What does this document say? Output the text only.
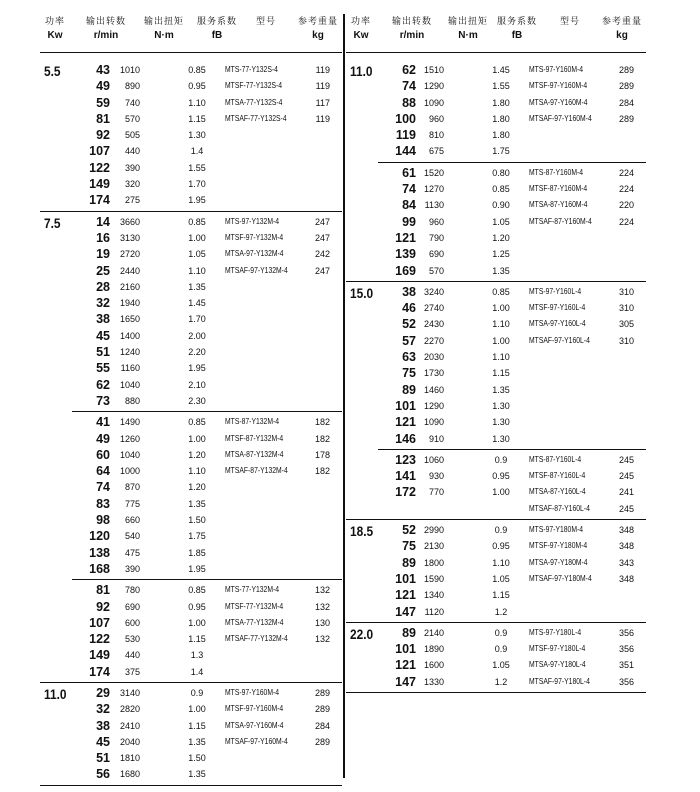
功率
Kw
输出转数
r/min
输出扭矩
N·m
服务系数
fB
型号	参考重量
kg
5.5	43	1010	0.85	MTS-77-Y132S-4	119
49	890	0.95	MTSF-77-Y132S-4	119
59	740	1.10	MTSA-77-Y132S-4	117
81	570	1.15	MTSAF-77-Y132S-4	119
92	505	1.30
107	440	1.4
122	390	1.55
149	320	1.70
174	275	1.95
7.5	14	3660	0.85	MTS-97-Y132M-4	247
16	3130	1.00	MTSF-97-Y132M-4	247
19	2720	1.05	MTSA-97-Y132M-4	242
25	2440	1.10	MTSAF-97-Y132M-4	247
28	2160	1.35
32	1940	1.45
38	1650	1.70
45	1400	2.00
51	1240	2.20
55	1160	1.95
62	1040	2.10
73	880	2.30
41	1490	0.85	MTS-87-Y132M-4	182
49	1260	1.00	MTSF-87-Y132M-4	182
60	1040	1.20	MTSA-87-Y132M-4	178
64	1000	1.10	MTSAF-87-Y132M-4	182
74	870	1.20
83	775	1.35
98	660	1.50
120	540	1.75
138	475	1.85
168	390	1.95
81	780	0.85	MTS-77-Y132M-4	132
92	690	0.95	MTSF-77-Y132M-4	132
107	600	1.00	MTSA-77-Y132M-4	130
122	530	1.15	MTSAF-77-Y132M-4	132
149	440	1.3
174	375	1.4
11.0	29	3140	0.9	MTS-97-Y160M-4	289
32	2820	1.00	MTSF-97-Y160M-4	289
38	2410	1.15	MTSA-97-Y160M-4	284
45	2040	1.35	MTSAF-97-Y160M-4	289
51	1810	1.50
56	1680	1.35
功率
Kw
输出转数
r/min
输出扭矩
N·m
服务系数
fB
型号	参考重量
kg
11.0	62 1510	1.45	MTS-97-Y160M-4	289
74 1290	1.55	MTSF-97-Y160M-4	289
88 1090	1.80	MTSA-97-Y160M-4	284
100	960	1.80	MTSAF-97-Y160M-4	289
119	810	1.80
144	675	1.75
61 1520	0.80	MTS-87-Y160M-4	224
74 1270	0.85	MTSF-87-Y160M-4	224
84 1130	0.90	MTSA-87-Y160M-4	220
99	960	1.05	MTSAF-87-Y160M-4	224
121	790	1.20
139	690	1.25
169	570	1.35
15.0	38 3240	0.85	MTS-97-Y160L-4	310
46 2740	1.00	MTSF-97-Y160L-4	310
52 2430	1.10	MTSA-97-Y160L-4	305
57 2270	1.00	MTSAF-97-Y160L-4	310
63 2030	1.10
75 1730	1.15
89 1460	1.35
101 1290	1.30
121 1090	1.30
146	910	1.30
123 1060	0.9	MTS-87-Y160L-4	245
141	930	0.95	MTSF-87-Y160L-4	245
172	770	1.00	MTSA-87-Y160L-4	241
MTSAF-87-Y160L-4	245
18.5	52 2990	0.9	MTS-97-Y180M-4	348
75 2130	0.95	MTSF-97-Y180M-4	348
89 1800	1.10	MTSA-97-Y180M-4	343
101 1590	1.05	MTSAF-97-Y180M-4	348
121 1340	1.15
147 1120	1.2
22.0	89 2140	0.9	MTS-97-Y180L-4	356
101 1890	0.9	MTSF-97-Y180L-4	356
121 1600	1.05	MTSA-97-Y180L-4	351
147 1330	1.2	MTSAF-97-Y180L-4	356
